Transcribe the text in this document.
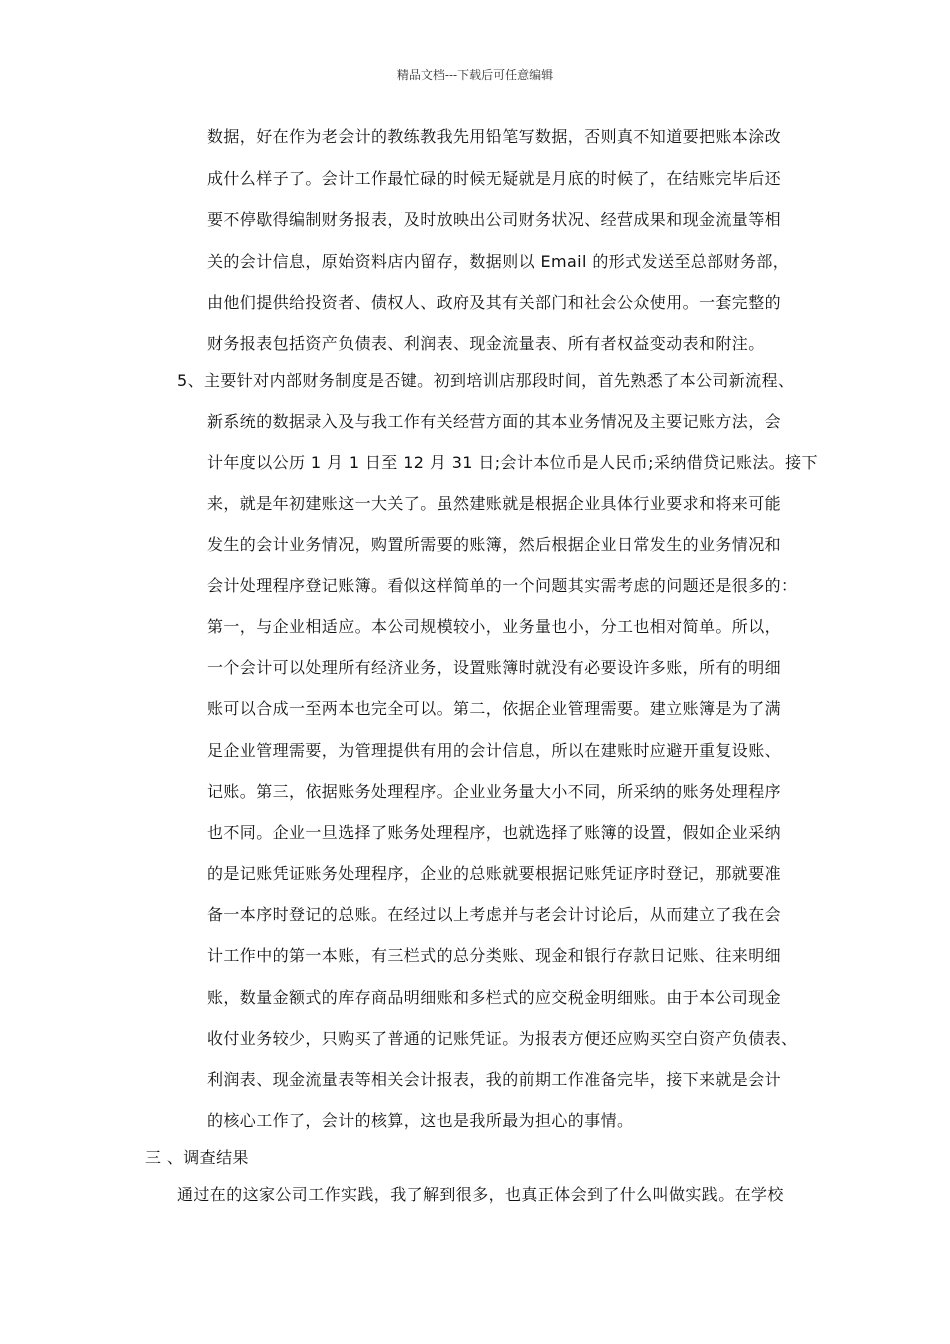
精品文档---下载后可任意编辑
数据，好在作为老会计的教练教我先用铅笔写数据，否则真不知道要把账本涂改
成什么样子了。会计工作最忙碌的时候无疑就是月底的时候了，在结账完毕后还
要不停歇得编制财务报表，及时放映出公司财务状况、经营成果和现金流量等相
关的会计信息，原始资料店内留存，数据则以 Email 的形式发送至总部财务部，
由他们提供给投资者、债权人、政府及其有关部门和社会公众使用。一套完整的
财务报表包括资产负债表、利润表、现金流量表、所有者权益变动表和附注。
5、主要针对内部财务制度是否键。初到培训店那段时间，首先熟悉了本公司新流程、
新系统的数据录入及与我工作有关经营方面的其本业务情况及主要记账方法，会
计年度以公历 1 月 1 日至 12 月 31 日;会计本位币是人民币;采纳借贷记账法。接下
来，就是年初建账这一大关了。虽然建账就是根据企业具体行业要求和将来可能
发生的会计业务情况，购置所需要的账簿，然后根据企业日常发生的业务情况和
会计处理程序登记账簿。看似这样简单的一个问题其实需考虑的问题还是很多的：
第一，与企业相适应。本公司规模较小，业务量也小，分工也相对简单。所以，
一个会计可以处理所有经济业务，设置账簿时就没有必要设许多账，所有的明细
账可以合成一至两本也完全可以。第二，依据企业管理需要。建立账簿是为了满
足企业管理需要，为管理提供有用的会计信息，所以在建账时应避开重复设账、
记账。第三，依据账务处理程序。企业业务量大小不同，所采纳的账务处理程序
也不同。企业一旦选择了账务处理程序，也就选择了账簿的设置，假如企业采纳
的是记账凭证账务处理程序，企业的总账就要根据记账凭证序时登记，那就要准
备一本序时登记的总账。在经过以上考虑并与老会计讨论后，从而建立了我在会
计工作中的第一本账，有三栏式的总分类账、现金和银行存款日记账、往来明细
账，数量金额式的库存商品明细账和多栏式的应交税金明细账。由于本公司现金
收付业务较少，只购买了普通的记账凭证。为报表方便还应购买空白资产负债表、
利润表、现金流量表等相关会计报表，我的前期工作准备完毕，接下来就是会计
的核心工作了，会计的核算，这也是我所最为担心的事情。
三 、调查结果
通过在的这家公司工作实践，我了解到很多，也真正体会到了什么叫做实践。在学校
